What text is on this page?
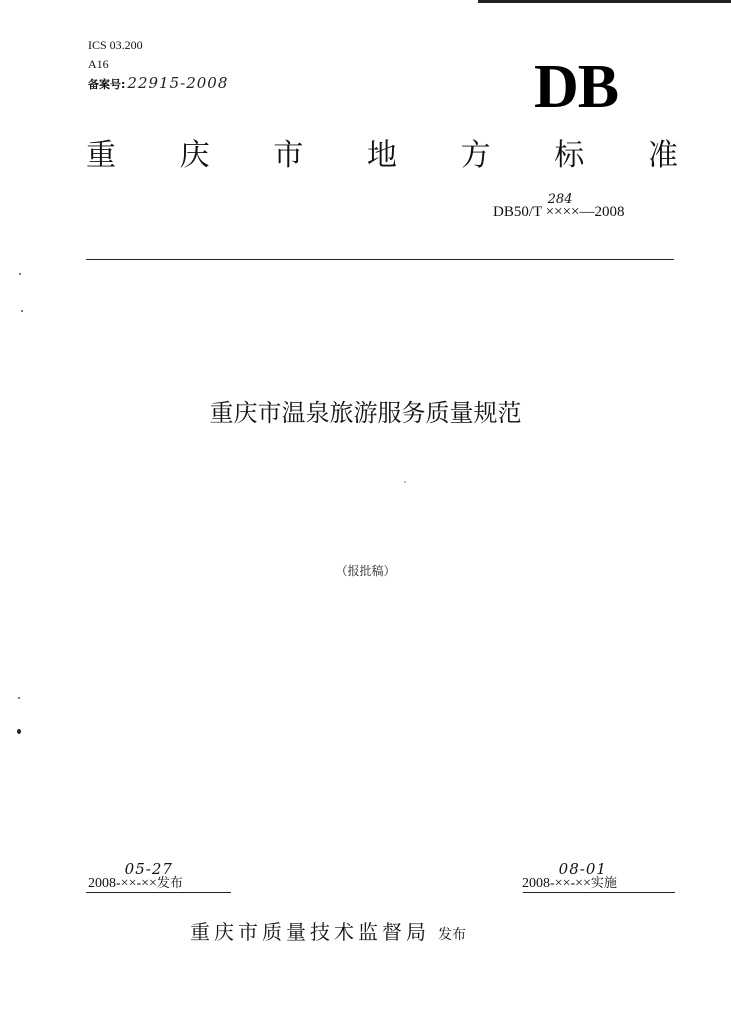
ICS 03.200
A16
备案号: 22915-2008	DB
重 庆 市 地 方 标 准
DB50/T ××××
284
—2008
重庆市温泉旅游服务质量规范
（报批稿）
2008-××-××
05-27
发布	2008-××-××
08-01
实施
重庆市质量技术监督局 发布
